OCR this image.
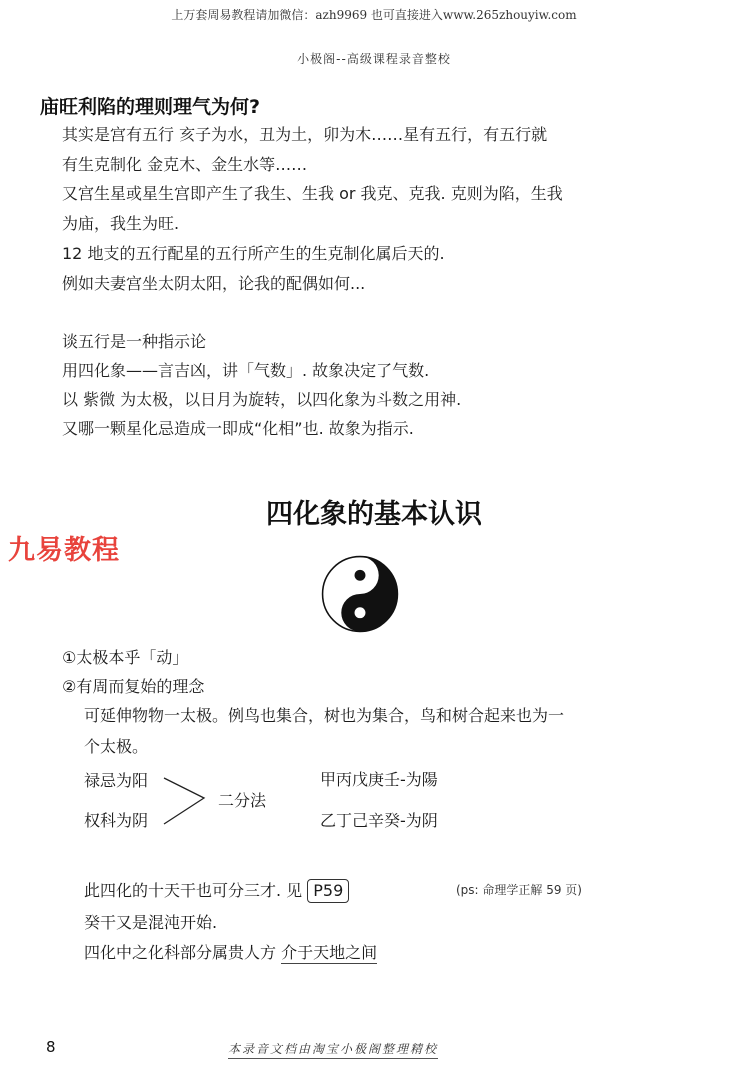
上万套周易教程请加微信：azh9969 也可直接进入www.265zhouyiw.com
小极阁--高级课程录音整校
庙旺利陷的理则理气为何?
其实是宫有五行 亥子为水，丑为土，卯为木……星有五行，有五行就
有生克制化 金克木、金生水等……
又宫生星或星生宫即产生了我生、生我 or 我克、克我. 克则为陷，生我
为庙，我生为旺.
12 地支的五行配星的五行所产生的生克制化属后天的.
例如夫妻宫坐太阴太阳，论我的配偶如何...
谈五行是一种指示论
用四化象——言吉凶，讲「气数」. 故象决定了气数.
以 紫微 为太极，以日月为旋转，以四化象为斗数之用神.
又哪一颗星化忌造成一即成“化相”也. 故象为指示.
四化象的基本认识
九易教程
①太极本乎「动」
②有周而复始的理念
可延伸物物一太极。例鸟也集合，树也为集合，鸟和树合起来也为一
个太极。
禄忌为阳
权科为阴
二分法
甲丙戊庚壬-为陽
乙丁己辛癸-为阴
此四化的十天干也可分三才. 见 P59	(ps: 命理学正解 59 页)
癸干又是混沌开始.
四化中之化科部分属贵人方 介于天地之间
8	本录音文档由淘宝小极阁整理精校
